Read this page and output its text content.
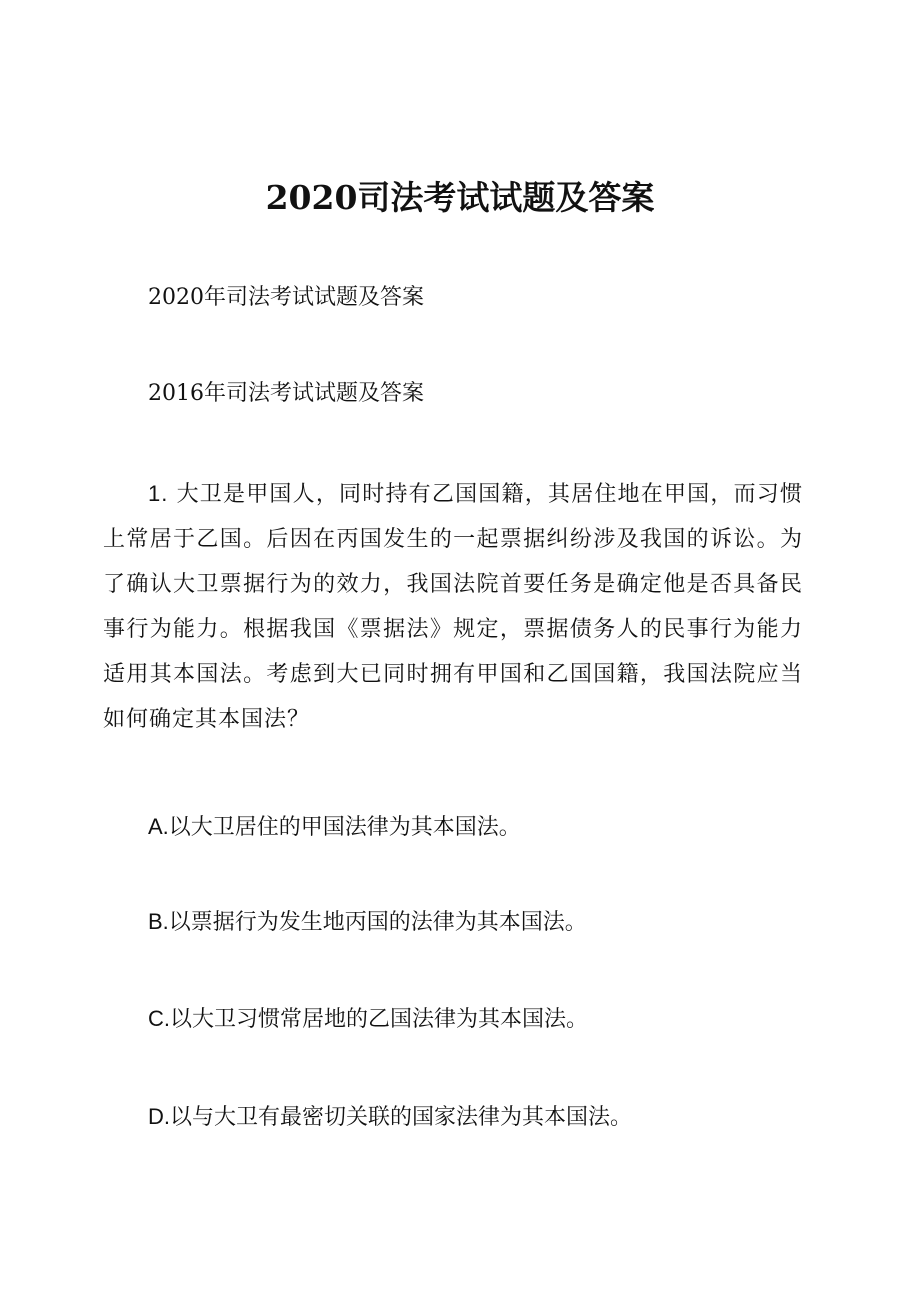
2020司法考试试题及答案
2020年司法考试试题及答案
2016年司法考试试题及答案
1. 大卫是甲国人，同时持有乙国国籍，其居住地在甲国，而习惯上常居于乙国。后因在丙国发生的一起票据纠纷涉及我国的诉讼。为了确认大卫票据行为的效力，我国法院首要任务是确定他是否具备民事行为能力。根据我国《票据法》规定，票据债务人的民事行为能力适用其本国法。考虑到大已同时拥有甲国和乙国国籍，我国法院应当如何确定其本国法？
A.以大卫居住的甲国法律为其本国法。
B.以票据行为发生地丙国的法律为其本国法。
C.以大卫习惯常居地的乙国法律为其本国法。
D.以与大卫有最密切关联的国家法律为其本国法。
